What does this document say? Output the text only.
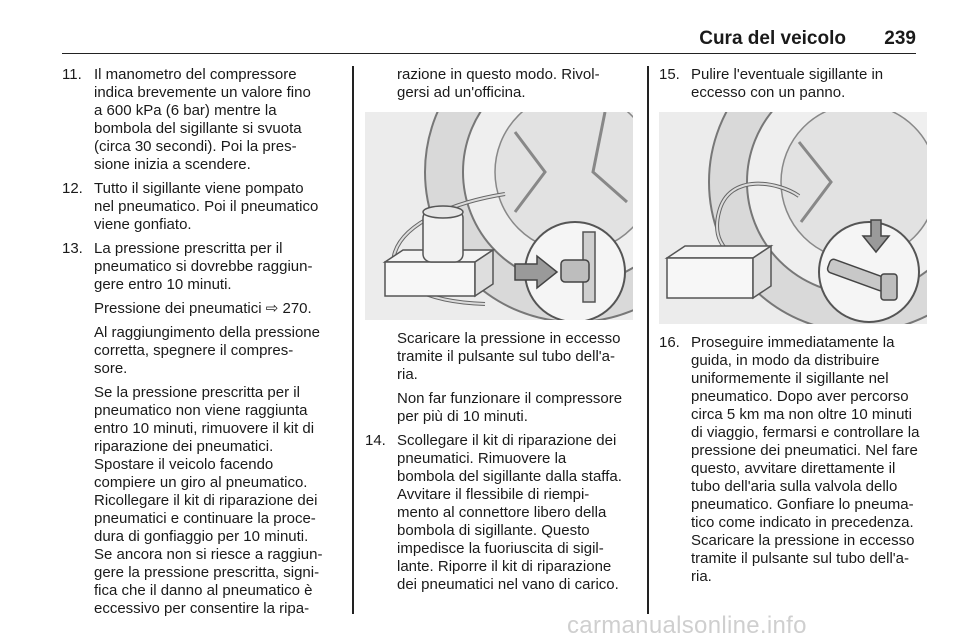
Cura del veicolo 239
11. Il manometro del compressore
indica brevemente un valore fino
a 600 kPa (6 bar) mentre la
bombola del sigillante si svuota
(circa 30 secondi). Poi la pres-
sione inizia a scendere.

12. Tutto il sigillante viene pompato
nel pneumatico. Poi il pneumatico
viene gonfiato.

13. La pressione prescritta per il
pneumatico si dovrebbe raggiun-
gere entro 10 minuti.

Pressione dei pneumatici ⇨ 270.

Al raggiungimento della pressione
corretta, spegnere il compres-
sore.

Se la pressione prescritta per il
pneumatico non viene raggiunta
entro 10 minuti, rimuovere il kit di
riparazione dei pneumatici.
Spostare il veicolo facendo
compiere un giro al pneumatico.
Ricollegare il kit di riparazione dei
pneumatici e continuare la proce-
dura di gonfiaggio per 10 minuti.
Se ancora non si riesce a raggiun-
gere la pressione prescritta, signi-
fica che il danno al pneumatico è
eccessivo per consentire la ripa-

razione in questo modo. Rivol-
gersi ad un'officina.

Scaricare la pressione in eccesso
tramite il pulsante sul tubo dell'a-
ria.

Non far funzionare il compressore
per più di 10 minuti.

14. Scollegare il kit di riparazione dei
pneumatici. Rimuovere la
bombola del sigillante dalla staffa.
Avvitare il flessibile di riempi-
mento al connettore libero della
bombola di sigillante. Questo
impedisce la fuoriuscita di sigil-
lante. Riporre il kit di riparazione
dei pneumatici nel vano di carico.

15. Pulire l'eventuale sigillante in
eccesso con un panno.

16. Proseguire immediatamente la
guida, in modo da distribuire
uniformemente il sigillante nel
pneumatico. Dopo aver percorso
circa 5 km ma non oltre 10 minuti
di viaggio, fermarsi e controllare la
pressione dei pneumatici. Nel fare
questo, avvitare direttamente il
tubo dell'aria sulla valvola dello
pneumatico. Gonfiare lo pneuma-
tico come indicato in precedenza.
Scaricare la pressione in eccesso
tramite il pulsante sul tubo dell'a-
ria.

carmanualsonline.info
